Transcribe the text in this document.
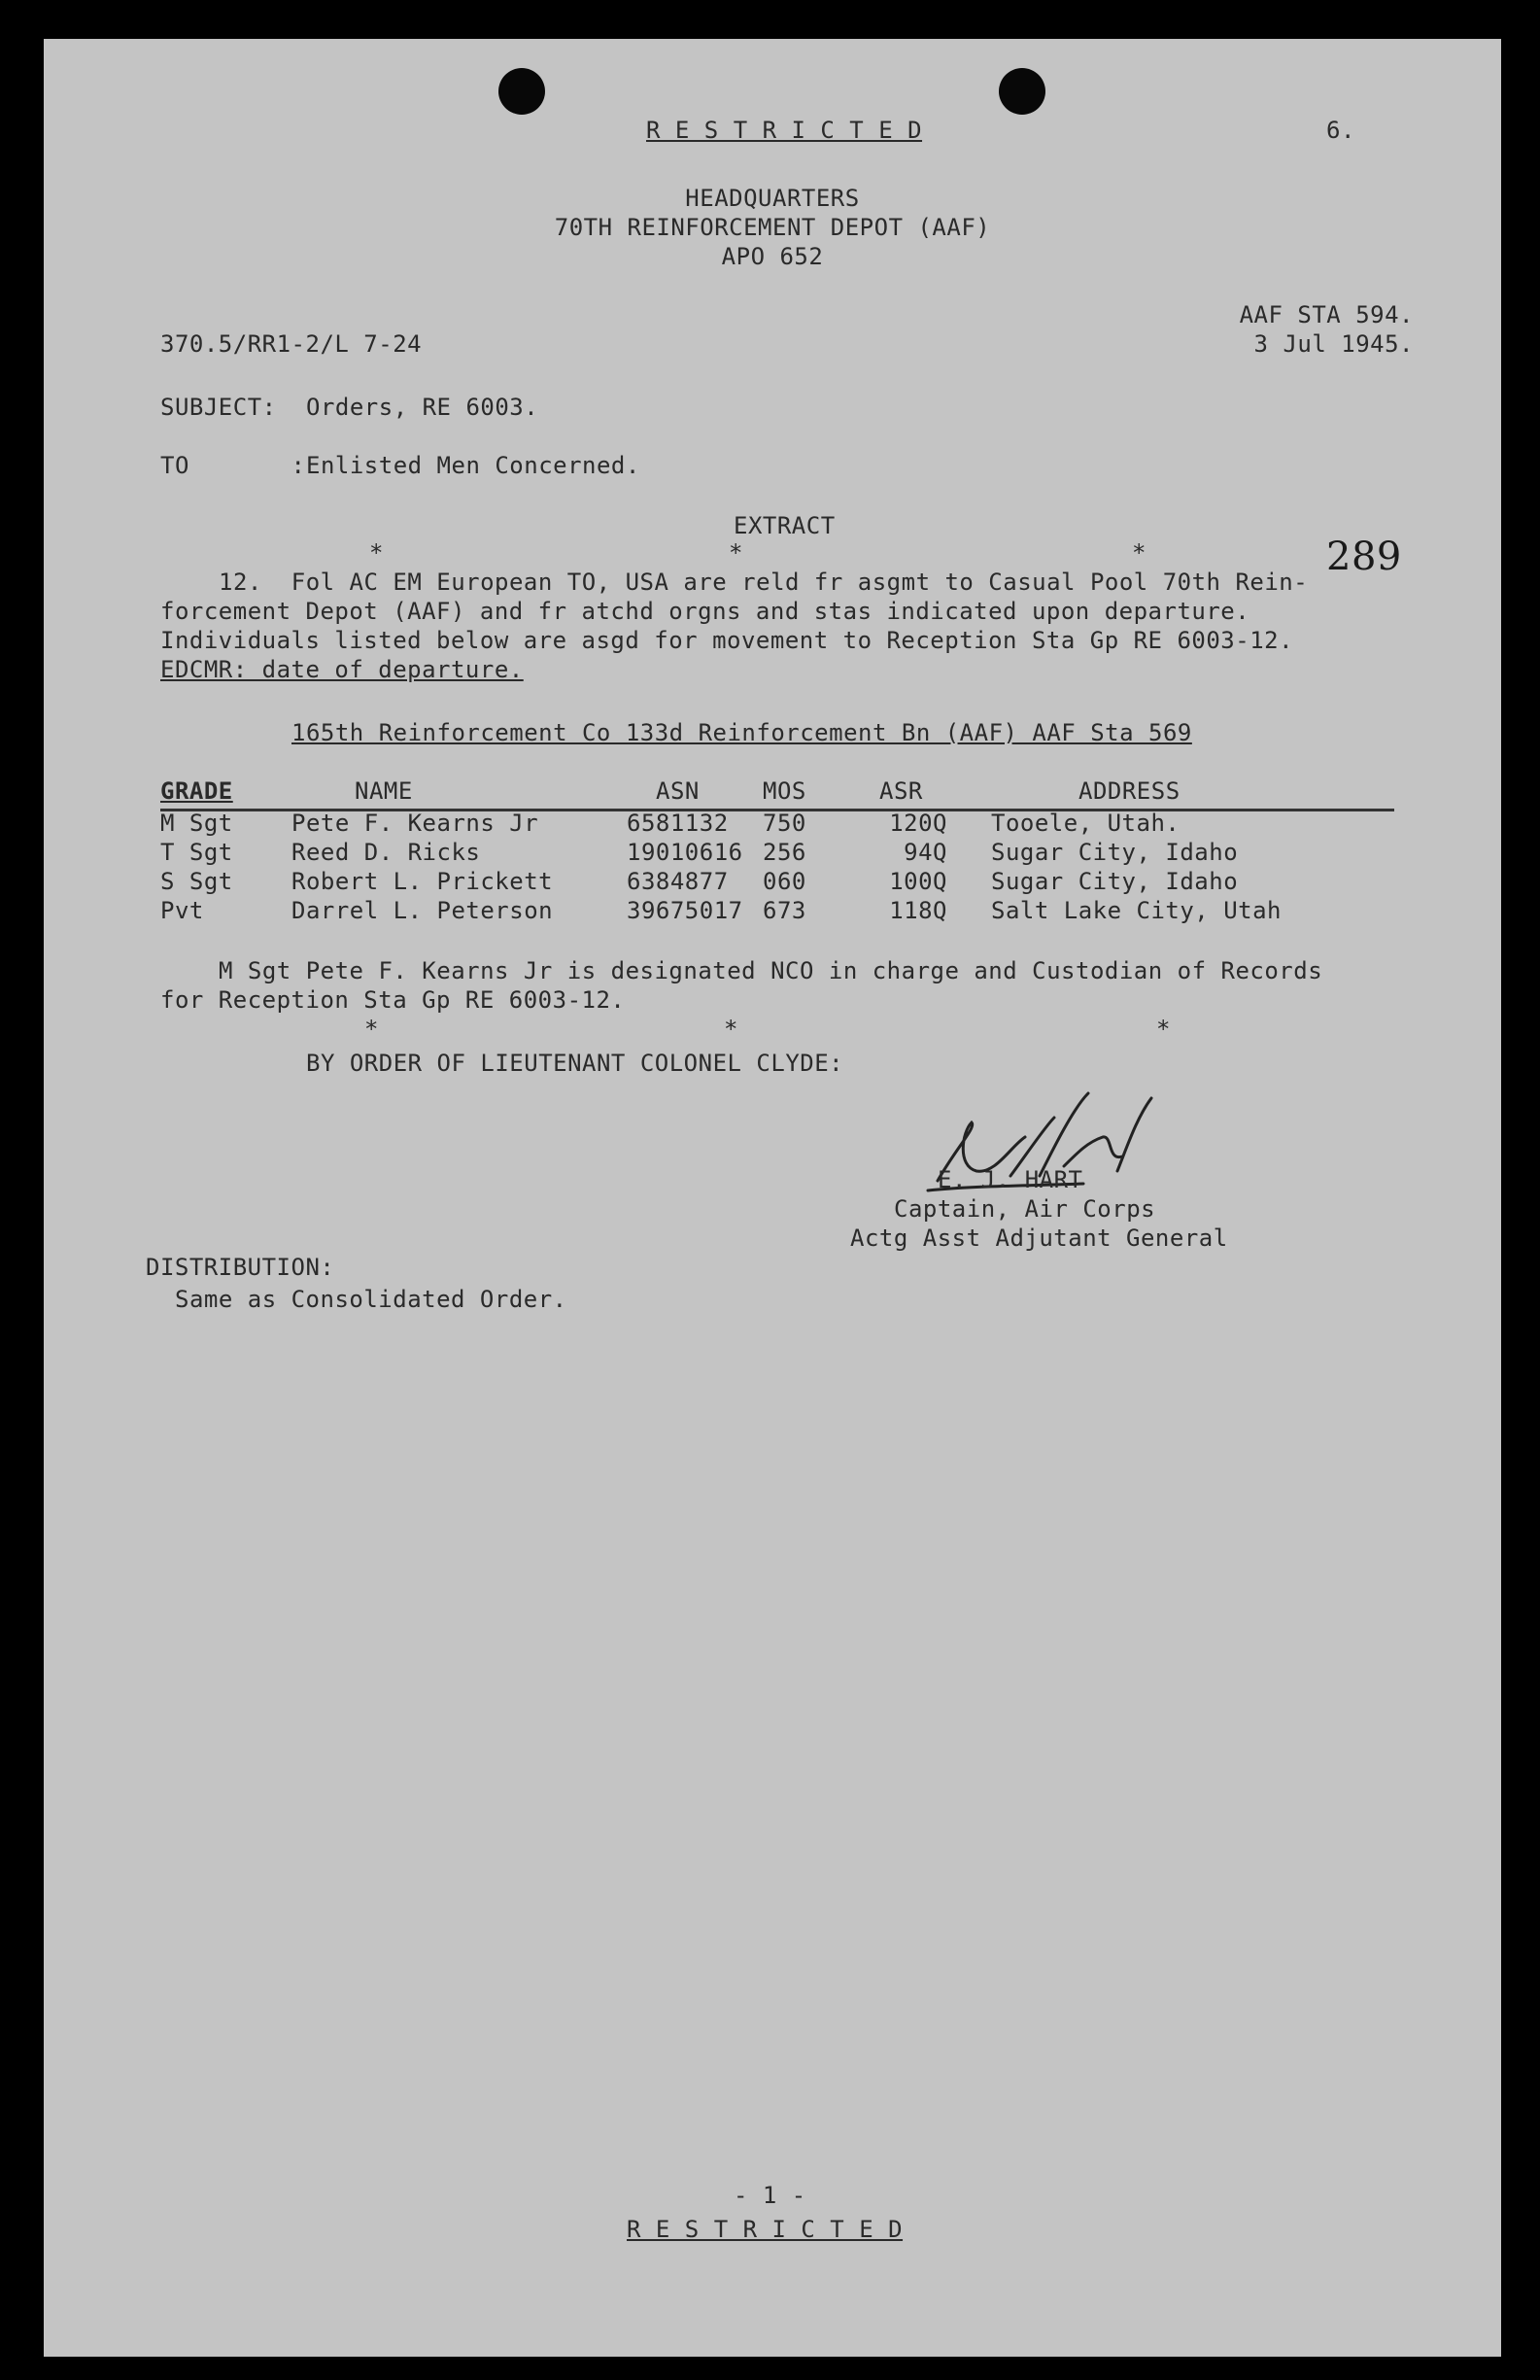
R E S T R I C T E D	6.
HEADQUARTERS
70TH REINFORCEMENT DEPOT (AAF)
APO 652
370.5/RR1-2/L 7-24
AAF STA 594.
3 Jul 1945.
SUBJECT: Orders, RE 6003.
TO       : Enlisted Men Concerned.
EXTRACT
*	*	*	289
12.  Fol AC EM European TO, USA are reld fr asgmt to Casual Pool 70th Rein-
forcement Depot (AAF) and fr atchd orgns and stas indicated upon departure.
Individuals listed below are asgd for movement to Reception Sta Gp RE 6003-12.
EDCMR: date of departure.
165th Reinforcement Co 133d Reinforcement Bn (AAF) AAF Sta 569
GRADE	NAME	ASN	MOS	ASR	ADDRESS
M Sgt	Pete F. Kearns Jr	6581132 750	120Q Tooele, Utah.
T Sgt	Reed D. Ricks	19010616 256	94Q Sugar City, Idaho
S Sgt	Robert L. Prickett	6384877 060	100Q Sugar City, Idaho
Pvt	Darrel L. Peterson	39675017 673	118Q Salt Lake City, Utah
M Sgt Pete F. Kearns Jr is designated NCO in charge and Custodian of Records
for Reception Sta Gp RE 6003-12.
*	*	*
BY ORDER OF LIEUTENANT COLONEL CLYDE:
E. J. HART
Captain, Air Corps
Actg Asst Adjutant General
DISTRIBUTION:
Same as Consolidated Order.
- 1 -
R E S T R I C T E D
